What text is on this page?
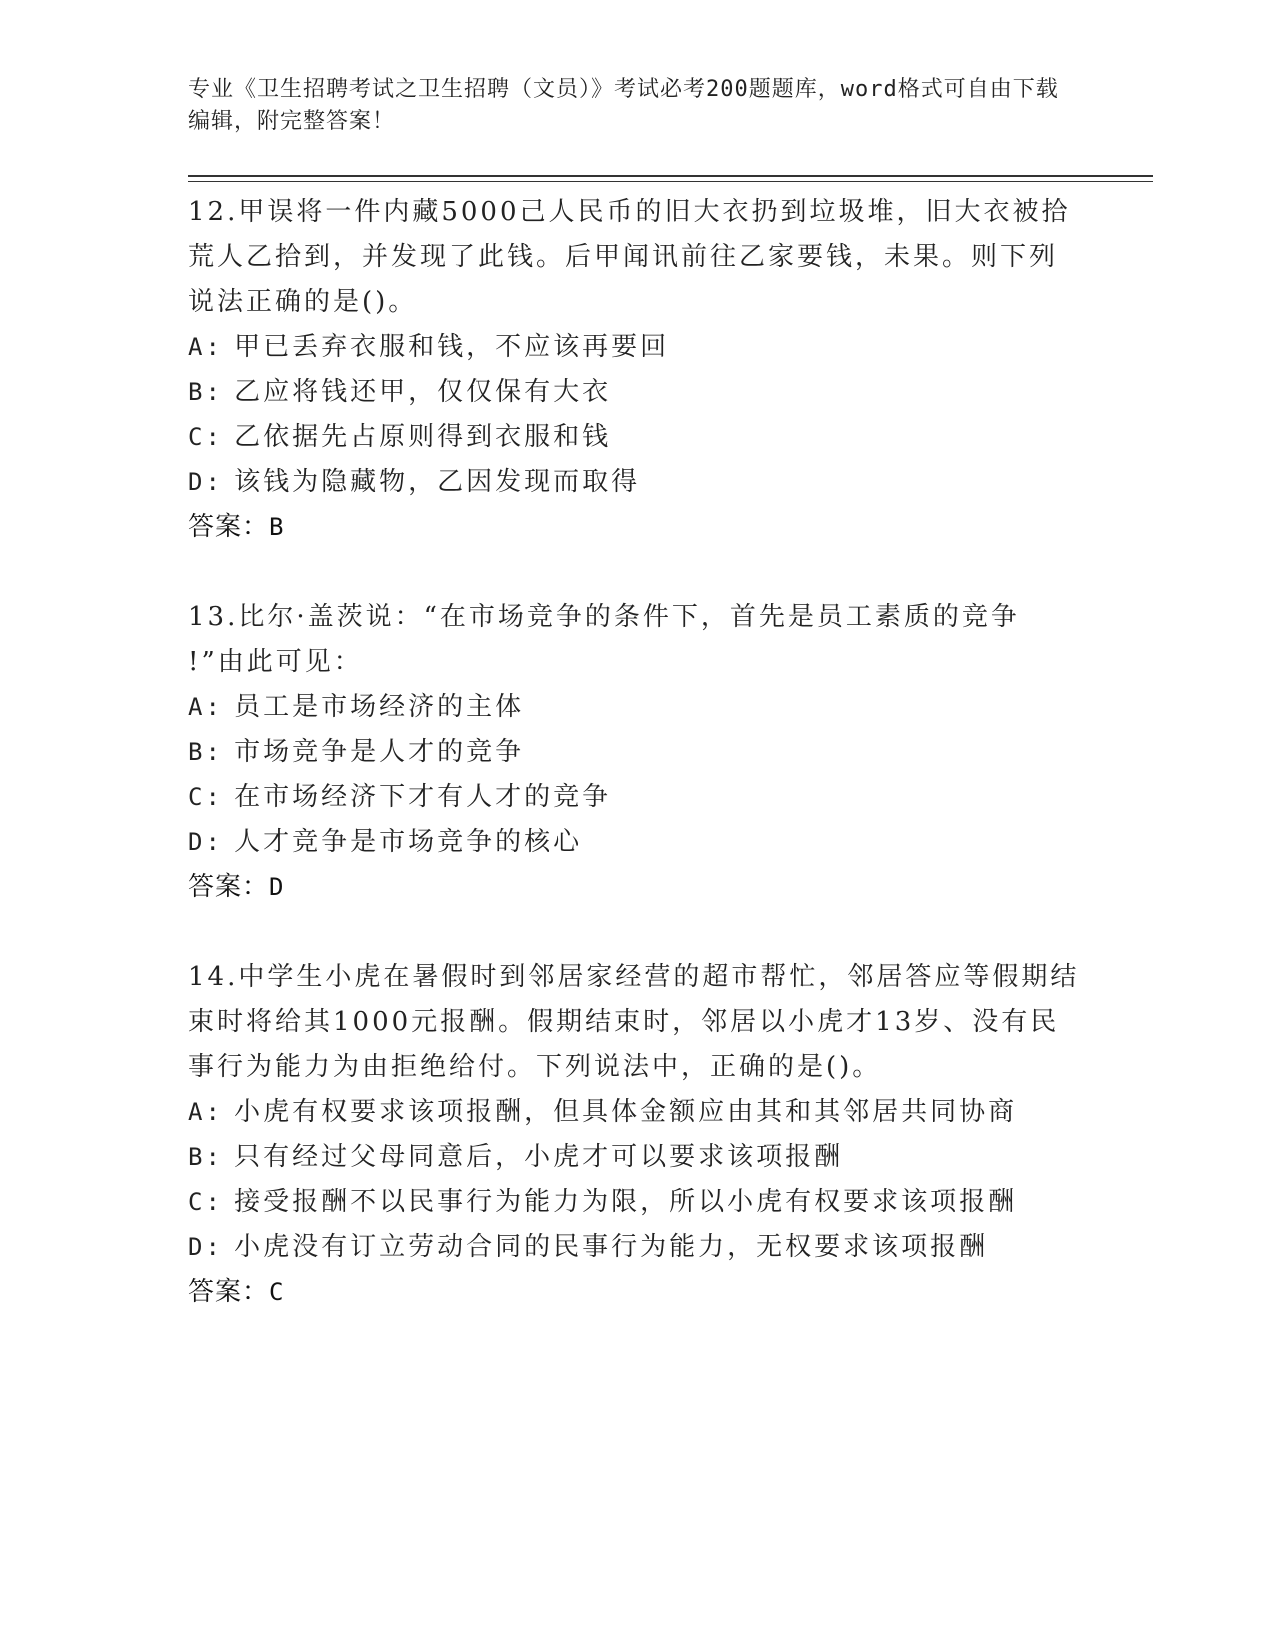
专业《卫生招聘考试之卫生招聘（文员）》考试必考200题题库，word格式可自由下载编辑，附完整答案！

12.甲误将一件内藏5000己人民币的旧大衣扔到垃圾堆，旧大衣被拾

荒人乙拾到，并发现了此钱。后甲闻讯前往乙家要钱，未果。则下列

说法正确的是()。

A: 甲已丢弃衣服和钱，不应该再要回

B: 乙应将钱还甲，仅仅保有大衣

C: 乙依据先占原则得到衣服和钱

D: 该钱为隐藏物，乙因发现而取得

答案：B

13.比尔·盖茨说：“在市场竞争的条件下，首先是员工素质的竞争

!”由此可见：

A: 员工是市场经济的主体

B: 市场竞争是人才的竞争

C: 在市场经济下才有人才的竞争

D: 人才竞争是市场竞争的核心

答案：D

14.中学生小虎在暑假时到邻居家经营的超市帮忙，邻居答应等假期结

束时将给其1000元报酬。假期结束时，邻居以小虎才13岁、没有民

事行为能力为由拒绝给付。下列说法中，正确的是()。

A: 小虎有权要求该项报酬，但具体金额应由其和其邻居共同协商

B: 只有经过父母同意后，小虎才可以要求该项报酬

C: 接受报酬不以民事行为能力为限，所以小虎有权要求该项报酬

D: 小虎没有订立劳动合同的民事行为能力，无权要求该项报酬

答案：C
